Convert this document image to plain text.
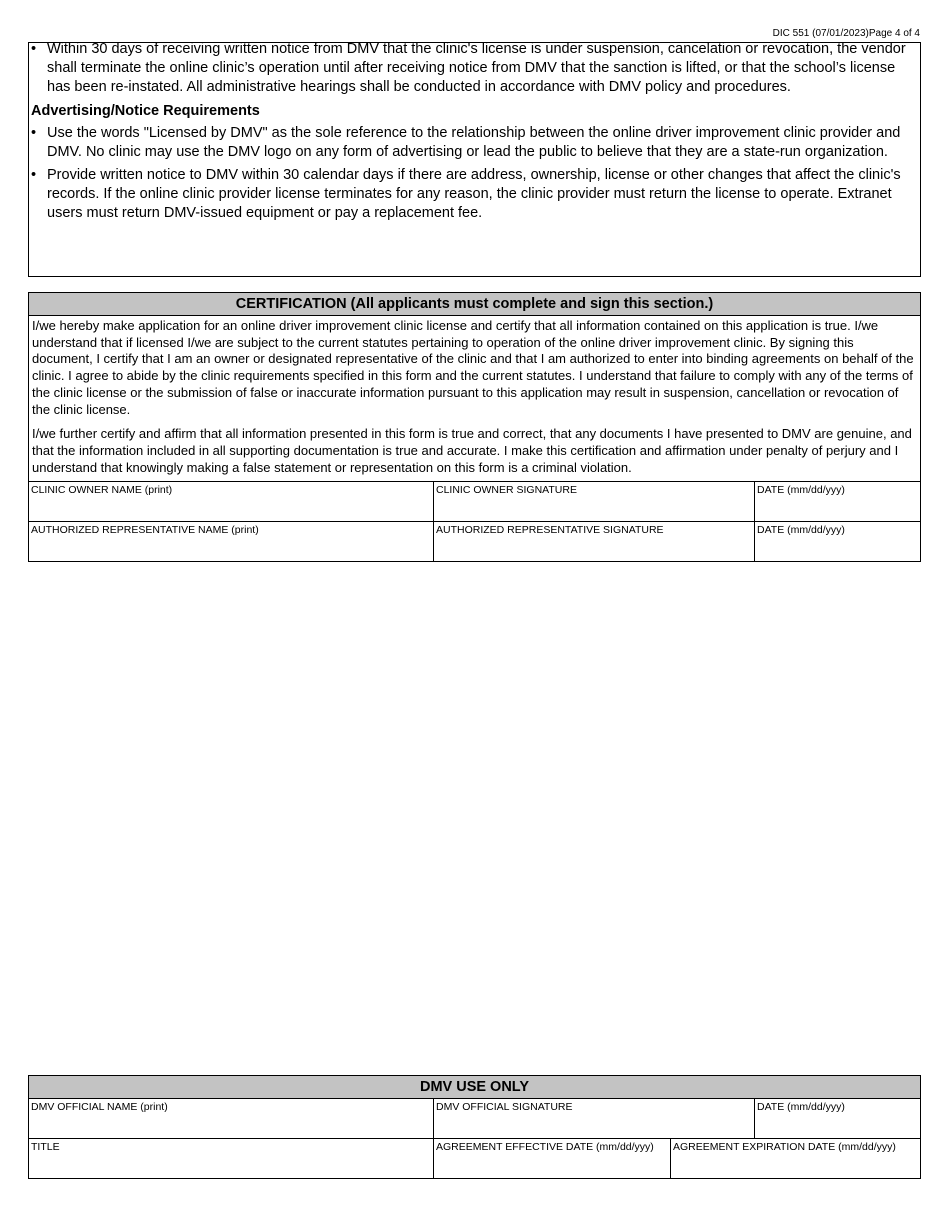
DIC 551 (07/01/2023)Page 4 of 4
• Within 30 days of receiving written notice from DMV that the clinic's license is under suspension, cancelation or revocation, the vendor shall terminate the online clinic’s operation until after receiving notice from DMV that the sanction is lifted, or that the school’s license has been re-instated. All administrative hearings shall be conducted in accordance with DMV policy and procedures.
Advertising/Notice Requirements
• Use the words "Licensed by DMV" as the sole reference to the relationship between the online driver improvement clinic provider and DMV. No clinic may use the DMV logo on any form of advertising or lead the public to believe that they are a state-run organization.
• Provide written notice to DMV within 30 calendar days if there are address, ownership, license or other changes that affect the clinic's records. If the online clinic provider license terminates for any reason, the clinic provider must return the license to operate. Extranet users must return DMV-issued equipment or pay a replacement fee.
CERTIFICATION (All applicants must complete and sign this section.)

I/we hereby make application for an online driver improvement clinic license and certify that all information contained on this application is true. I/we understand that if licensed I/we are subject to the current statutes pertaining to operation of the online driver improvement clinic. By signing this document, I certify that I am an owner or designated representative of the clinic and that I am authorized to enter into binding agreements on behalf of the clinic. I agree to abide by the clinic requirements specified in this form and the current statutes. I understand that failure to comply with any of the terms of the clinic license or the submission of false or inaccurate information pursuant to this application may result in suspension, cancellation or revocation of the clinic license.

I/we further certify and affirm that all information presented in this form is true and correct, that any documents I have presented to DMV are genuine, and that the information included in all supporting documentation is true and accurate. I make this certification and affirmation under penalty of perjury and I understand that knowingly making a false statement or representation on this form is a criminal violation.

CLINIC OWNER NAME (print)	CLINIC OWNER SIGNATURE	DATE (mm/dd/yyy)
AUTHORIZED REPRESENTATIVE NAME (print)	AUTHORIZED REPRESENTATIVE SIGNATURE	DATE (mm/dd/yyy)
DMV USE ONLY
DMV OFFICIAL NAME (print)	DMV OFFICIAL SIGNATURE	DATE (mm/dd/yyy)
TITLE	AGREEMENT EFFECTIVE DATE (mm/dd/yyy)	AGREEMENT EXPIRATION DATE (mm/dd/yyy)
